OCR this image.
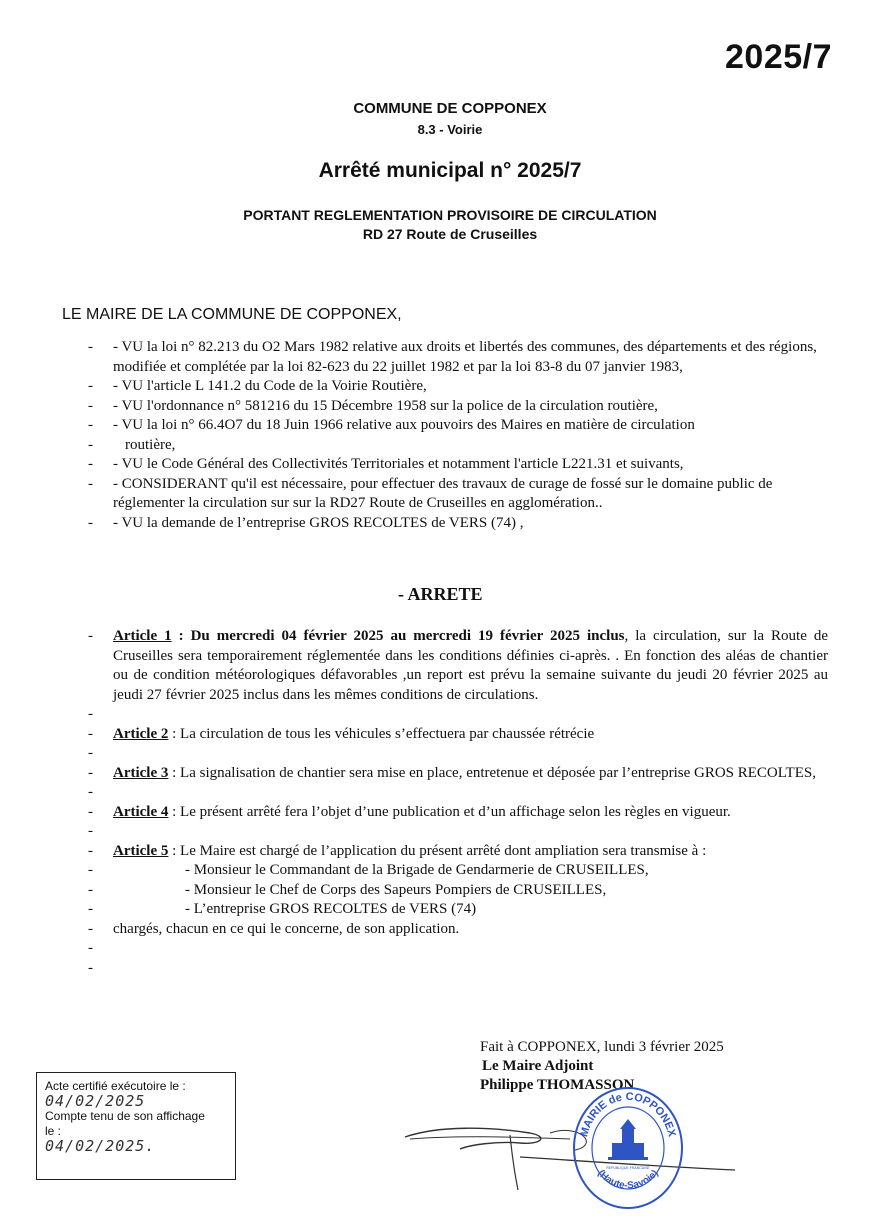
2025/7
COMMUNE DE COPPONEX
8.3 - Voirie
Arrêté municipal n° 2025/7
PORTANT REGLEMENTATION PROVISOIRE DE CIRCULATION
RD 27 Route de Cruseilles
LE MAIRE DE LA COMMUNE DE COPPONEX,
-	- VU la loi n° 82.213 du O2 Mars 1982 relative aux droits et libertés des communes, des départements et des régions, modifiée et complétée par la loi 82-623 du 22 juillet 1982 et par la loi 83-8 du 07 janvier 1983,
-	- VU l'article L 141.2 du Code de la Voirie Routière,
-	- VU l'ordonnance n° 581216 du 15 Décembre 1958 sur la police de la circulation routière,
-	- VU la loi n° 66.4O7 du 18 Juin 1966 relative aux pouvoirs des Maires en matière de circulation
-	routière,
-	- VU le Code Général des Collectivités Territoriales et notamment l'article L221.31 et suivants,
-	- CONSIDERANT qu'il est nécessaire, pour effectuer des travaux de curage de fossé sur le domaine public de réglementer la circulation sur sur la RD27 Route de Cruseilles en agglomération..
-	- VU la demande de l’entreprise GROS RECOLTES de VERS (74) ,
- ARRETE
-	Article 1 : Du mercredi 04 février 2025 au mercredi 19 février 2025 inclus, la circulation, sur la Route de Cruseilles sera temporairement réglementée dans les conditions définies ci-après. . En fonction des aléas de chantier ou de condition météorologiques défavorables ,un report est prévu la semaine suivante du jeudi 20 février 2025 au jeudi 27 février 2025 inclus dans les mêmes conditions de circulations.
-
-	Article 2 : La circulation de tous les véhicules s’effectuera par chaussée rétrécie
-
-	Article 3 : La signalisation de chantier sera mise en place, entretenue et déposée par l’entreprise GROS RECOLTES,
-
-	Article 4 : Le présent arrêté fera l’objet d’une publication et d’un affichage selon les règles en vigueur.
-
-	Article 5 : Le Maire est chargé de l’application du présent arrêté dont ampliation sera transmise à :
-	- Monsieur le Commandant de la Brigade de Gendarmerie de CRUSEILLES,
-	- Monsieur le Chef de Corps des Sapeurs Pompiers de CRUSEILLES,
-	- L’entreprise GROS RECOLTES de VERS (74)
-	chargés, chacun en ce qui le concerne, de son application.
-
-
Fait à COPPONEX, lundi 3 février 2025
Le Maire Adjoint
Philippe THOMASSON
Acte certifié exécutoire le :
04/02/2025
Compte tenu de son affichage
le :
04/02/2025.
MAIRIE de COPPONEX
(Haute-Savoie)
REPUBLIQUE FRANCAISE
